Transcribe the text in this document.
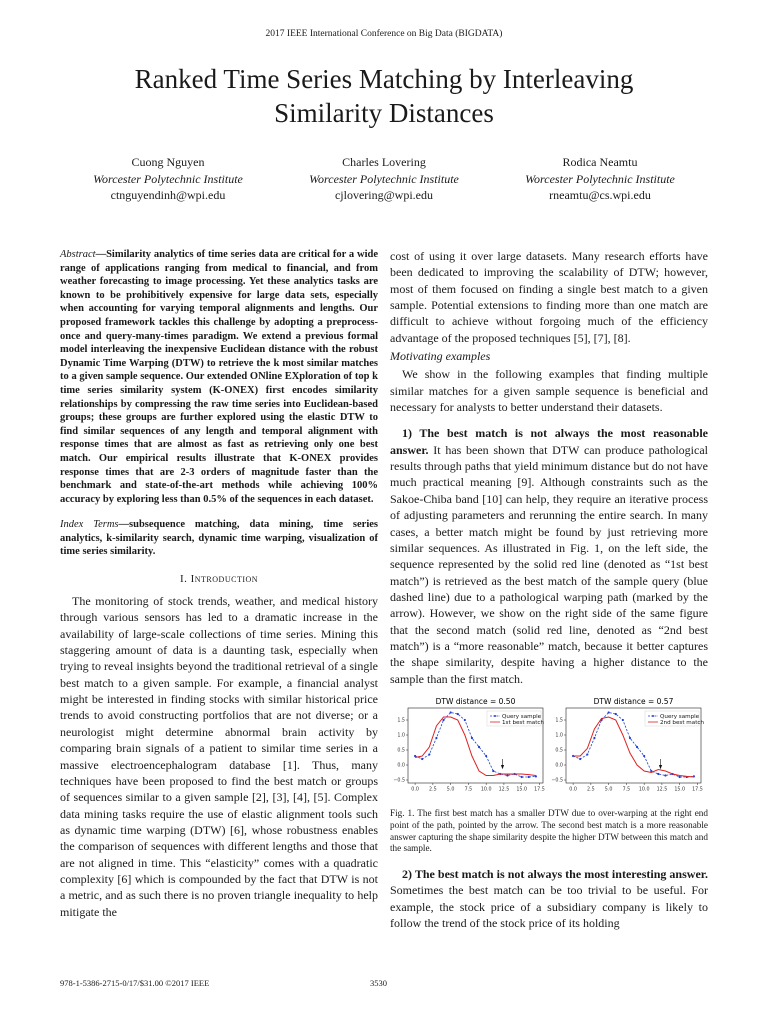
2017 IEEE International Conference on Big Data (BIGDATA)
Ranked Time Series Matching by Interleaving
Similarity Distances
Cuong Nguyen
Worcester Polytechnic Institute
ctnguyendinh@wpi.edu
Charles Lovering
Worcester Polytechnic Institute
cjlovering@wpi.edu
Rodica Neamtu
Worcester Polytechnic Institute
rneamtu@cs.wpi.edu

Abstract—Similarity analytics of time series data are critical for a wide range of applications ranging from medical to financial, and from weather forecasting to image processing. Yet these analytics tasks are known to be prohibitively expensive for large data sets, especially when accounting for varying temporal alignments and lengths. Our proposed framework tackles this challenge by adopting a preprocess-once and query-many-times paradigm. We extend a previous formal model interleaving the inexpensive Euclidean distance with the robust Dynamic Time Warping (DTW) to retrieve the k most similar matches to a given sample sequence. Our extended ONline EXploration of top k time series similarity system (K-ONEX) first encodes similarity relationships by compressing the raw time series into Euclidean-based groups; these groups are further explored using the elastic DTW to find similar sequences of any length and temporal alignment with response times that are almost as fast as retrieving only one best match. Our empirical results illustrate that K-ONEX provides response times that are 2-3 orders of magnitude faster than the benchmark and state-of-the-art methods while achieving 100% accuracy by exploring less than 0.5% of the sequences in each dataset.

Index Terms—subsequence matching, data mining, time series analytics, k-similarity search, dynamic time warping, visualization of time series similarity.

I. Introduction

The monitoring of stock trends, weather, and medical history through various sensors has led to a dramatic increase in the availability of large-scale collections of time series. Mining this staggering amount of data is a daunting task, especially when trying to reveal insights beyond the traditional retrieval of a single best match to a given sample. For example, a financial analyst might be interested in finding stocks with similar historical price trends to avoid constructing portfolios that are not diverse; or a neurologist might determine abnormal brain activity by comparing brain signals of a patient to similar time series in a massive electroencephalogram database [1]. Thus, many techniques have been proposed to find the best match or groups of sequences similar to a given sample [2], [3], [4], [5]. Complex data mining tasks require the use of elastic alignment tools such as dynamic time warping (DTW) [6], whose robustness enables the comparison of sequences with different lengths and those that are not aligned in time. This “elasticity” comes with a quadratic complexity [6] which is compounded by the fact that DTW is not a metric, and as such there is no proven triangle inequality to help mitigate the

cost of using it over large datasets. Many research efforts have been dedicated to improving the scalability of DTW; however, most of them focused on finding a single best match to a given sample. Potential extensions to finding more than one match are difficult to achieve without forgoing much of the efficiency advantage of the proposed techniques [5], [7], [8].

Motivating examples

We show in the following examples that finding multiple similar matches for a given sample sequence is beneficial and necessary for analysts to better understand their datasets.

1) The best match is not always the most reasonable answer. It has been shown that DTW can produce pathological results through paths that yield minimum distance but do not have much practical meaning [9]. Although constraints such as the Sakoe-Chiba band [10] can help, they require an iterative process of adjusting parameters and rerunning the entire search. In many cases, a better match might be found by just retrieving more similar sequences. As illustrated in Fig. 1, on the left side, the sequence represented by the solid red line (denoted as “1st best match”) is retrieved as the best match of the sample query (blue dashed line) due to a pathological warping path (marked by the arrow). However, we show on the right side of the same figure that the second match (solid red line, denoted as “2nd best match”) is a “more reasonable” match, because it better captures the shape similarity, despite having a higher distance to the sample than the first match.

DTW distance = 0.50
0.0 2.5 5.0 7.5 10.0 12.5 15.0 17.5
−0.5
0.0
0.5
1.0
1.5
Query sample
1st best match
DTW distance = 0.57
0.0 2.5 5.0 7.5 10.0 12.5 15.0 17.5
−0.5
0.0
0.5
1.0
1.5
Query sample
2nd best match
Fig. 1. The first best match has a smaller DTW due to over-warping at the right end point of the path, pointed by the arrow. The second best match is a more reasonable answer capturing the shape similarity despite the higher DTW between this match and the sample.

2) The best match is not always the most interesting answer. Sometimes the best match can be too trivial to be useful. For example, the stock price of a subsidiary company is likely to follow the trend of the stock price of its holding

978-1-5386-2715-0/17/$31.00 ©2017 IEEE	3530
